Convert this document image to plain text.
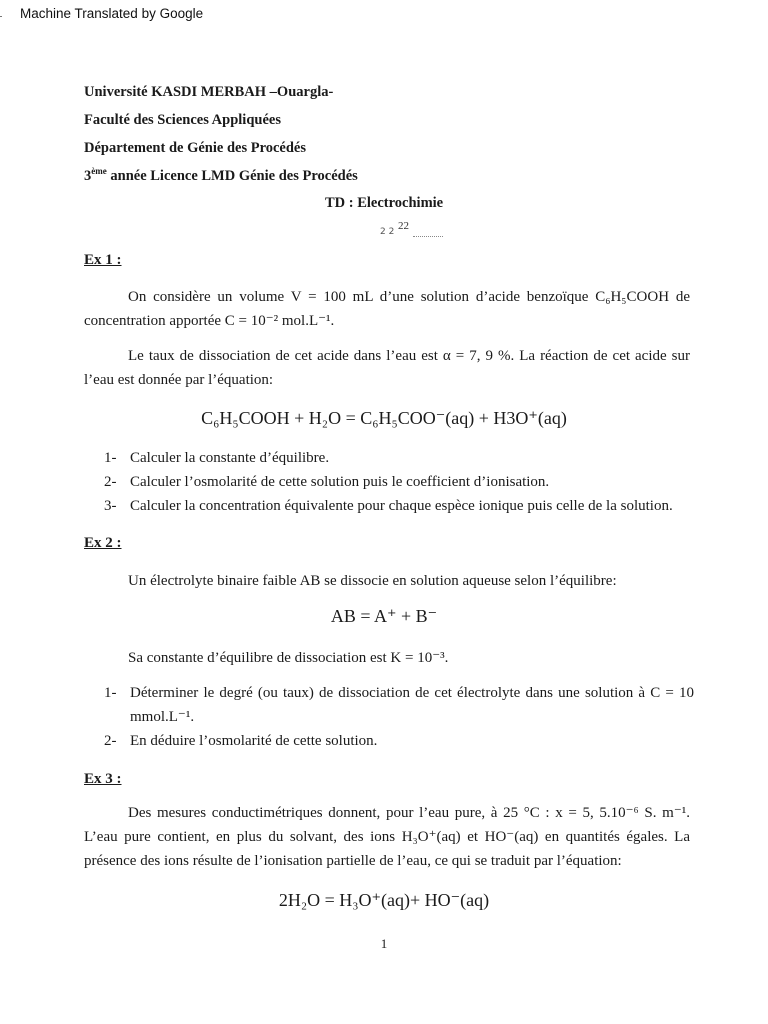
Machine Translated by Google
Université KASDI MERBAH –Ouargla-
Faculté des Sciences Appliquées
Département de Génie des Procédés
3ème année Licence LMD Génie des Procédés
TD : Electrochimie
2 2 22
Ex 1 :
On considère un volume V = 100 mL d’une solution d’acide benzoïque C₆H₅COOH de concentration apportée C = 10⁻² mol.L⁻¹.
Le taux de dissociation de cet acide dans l’eau est α = 7, 9 %. La réaction de cet acide sur l’eau est donnée par l’équation:
C₆H₅COOH + H₂O = C₆H₅COO⁻(aq) + H3O⁺(aq)
1- Calculer la constante d’équilibre.
2- Calculer l’osmolarité de cette solution puis le coefficient d’ionisation.
3- Calculer la concentration équivalente pour chaque espèce ionique puis celle de la solution.
Ex 2 :
Un électrolyte binaire faible AB se dissocie en solution aqueuse selon l’équilibre:
AB = A⁺ + B⁻
Sa constante d’équilibre de dissociation est K = 10⁻³.
1- Déterminer le degré (ou taux) de dissociation de cet électrolyte dans une solution à C = 10 mmol.L⁻¹.
2- En déduire l’osmolarité de cette solution.
Ex 3 :
Des mesures conductimétriques donnent, pour l’eau pure, à 25 °C : x = 5, 5.10⁻⁶ S. m⁻¹. L’eau pure contient, en plus du solvant, des ions H₃O⁺(aq) et HO⁻(aq) en quantités égales. La présence des ions résulte de l’ionisation partielle de l’eau, ce qui se traduit par l’équation:
2H₂O = H₃O⁺(aq)+ HO⁻(aq)
1
